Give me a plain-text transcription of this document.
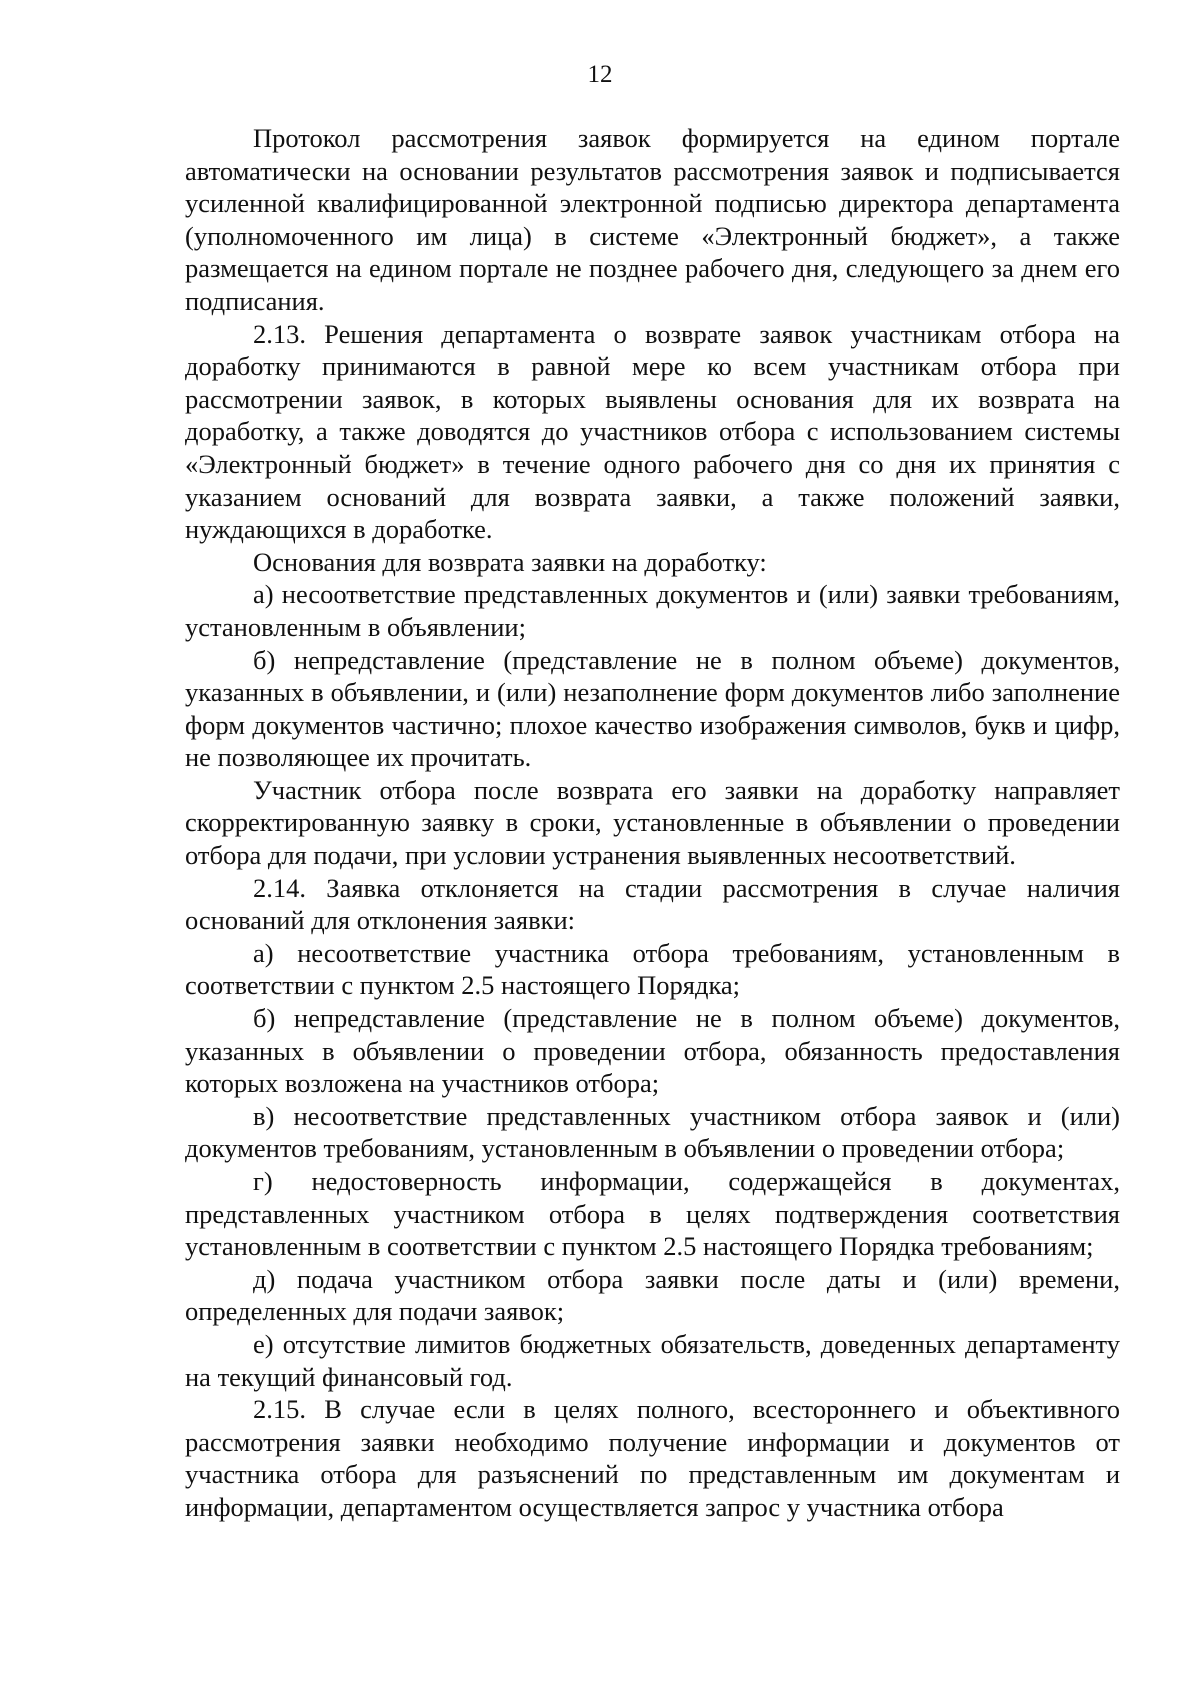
12

Протокол рассмотрения заявок формируется на едином портале автоматически на основании результатов рассмотрения заявок и подписывается усиленной квалифицированной электронной подписью директора департамента (уполномоченного им лица) в системе «Электронный бюджет», а также размещается на едином портале не позднее рабочего дня, следующего за днем его подписания.

2.13. Решения департамента о возврате заявок участникам отбора на доработку принимаются в равной мере ко всем участникам отбора при рассмотрении заявок, в которых выявлены основания для их возврата на доработку, а также доводятся до участников отбора с использованием системы «Электронный бюджет» в течение одного рабочего дня со дня их принятия с указанием оснований для возврата заявки, а также положений заявки, нуждающихся в доработке.

Основания для возврата заявки на доработку:

а) несоответствие представленных документов и (или) заявки требованиям, установленным в объявлении;

б) непредставление (представление не в полном объеме) документов, указанных в объявлении, и (или) незаполнение форм документов либо заполнение форм документов частично; плохое качество изображения символов, букв и цифр, не позволяющее их прочитать.

Участник отбора после возврата его заявки на доработку направляет скорректированную заявку в сроки, установленные в объявлении о проведении отбора для подачи, при условии устранения выявленных несоответствий.

2.14. Заявка отклоняется на стадии рассмотрения в случае наличия оснований для отклонения заявки:

а) несоответствие участника отбора требованиям, установленным в соответствии с пунктом 2.5 настоящего Порядка;

б) непредставление (представление не в полном объеме) документов, указанных в объявлении о проведении отбора, обязанность предоставления которых возложена на участников отбора;

в) несоответствие представленных участником отбора заявок и (или) документов требованиям, установленным в объявлении о проведении отбора;

г) недостоверность информации, содержащейся в документах, представленных участником отбора в целях подтверждения соответствия установленным в соответствии с пунктом 2.5 настоящего Порядка требованиям;

д) подача участником отбора заявки после даты и (или) времени, определенных для подачи заявок;

е) отсутствие лимитов бюджетных обязательств, доведенных департаменту на текущий финансовый год.

2.15. В случае если в целях полного, всестороннего и объективного рассмотрения заявки необходимо получение информации и документов от участника отбора для разъяснений по представленным им документам и информации, департаментом осуществляется запрос у участника отбора
